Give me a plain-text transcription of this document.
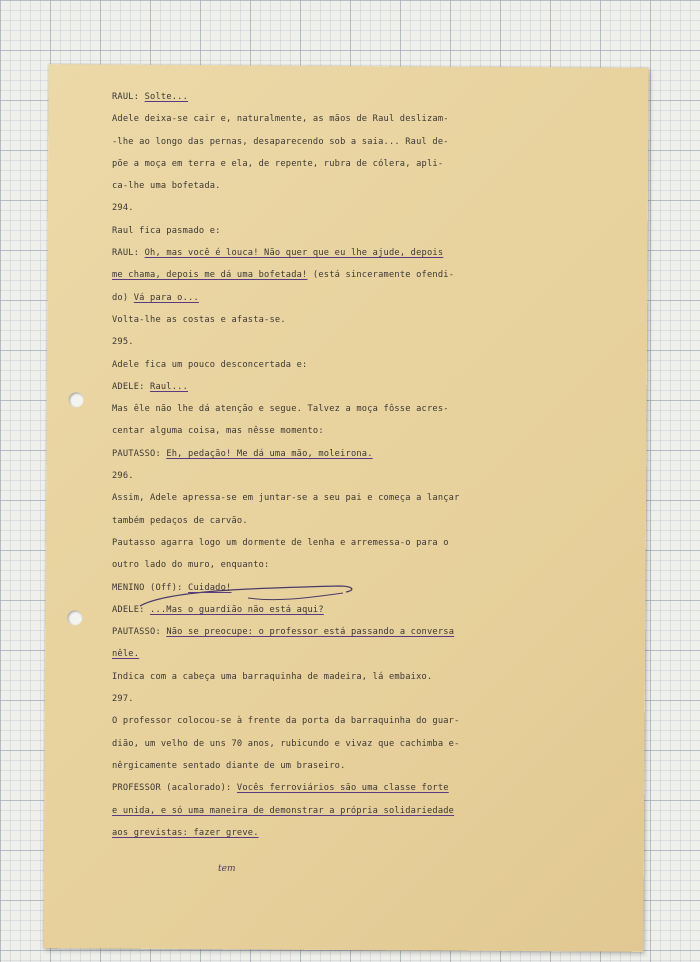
tem
RAUL: Solte...
Adele deixa-se cair e, naturalmente, as mãos de Raul deslizam-
-lhe ao longo das pernas, desaparecendo sob a saia... Raul de-
põe a moça em terra e ela, de repente, rubra de cólera, apli-
ca-lhe uma bofetada.
294.
Raul fica pasmado e:
RAUL: Oh, mas você é louca! Não quer que eu lhe ajude, depois
me chama, depois me dá uma bofetada! (está sinceramente ofendi-
do) Vá para o...
Volta-lhe as costas e afasta-se.
295.
Adele fica um pouco desconcertada e:
ADELE: Raul...
Mas êle não lhe dá atenção e segue. Talvez a moça fôsse acres-
centar alguma coisa, mas nêsse momento:
PAUTASSO: Eh, pedação! Me dá uma mão, moleirona.
296.
Assim, Adele apressa-se em juntar-se a seu pai e começa a lançar
também pedaços de carvão.
Pautasso agarra logo um dormente de lenha e arremessa-o para o
outro lado do muro, enquanto:
MENINO (Off): Cuidado!
ADELE: ...Mas o guardião não está aqui?
PAUTASSO: Não se preocupe: o professor está passando a conversa
nêle.
Indica com a cabeça uma barraquinha de madeira, lá embaixo.
297.
O professor colocou-se à frente da porta da barraquinha do guar-
dião, um velho de uns 70 anos, rubicundo e vivaz que cachimba e-
nêrgicamente sentado diante de um braseiro.
PROFESSOR (acalorado): Vocês ferroviários são uma classe forte
e unida, e só uma maneira de demonstrar a própria solidariedade
aos grevistas: fazer greve.
